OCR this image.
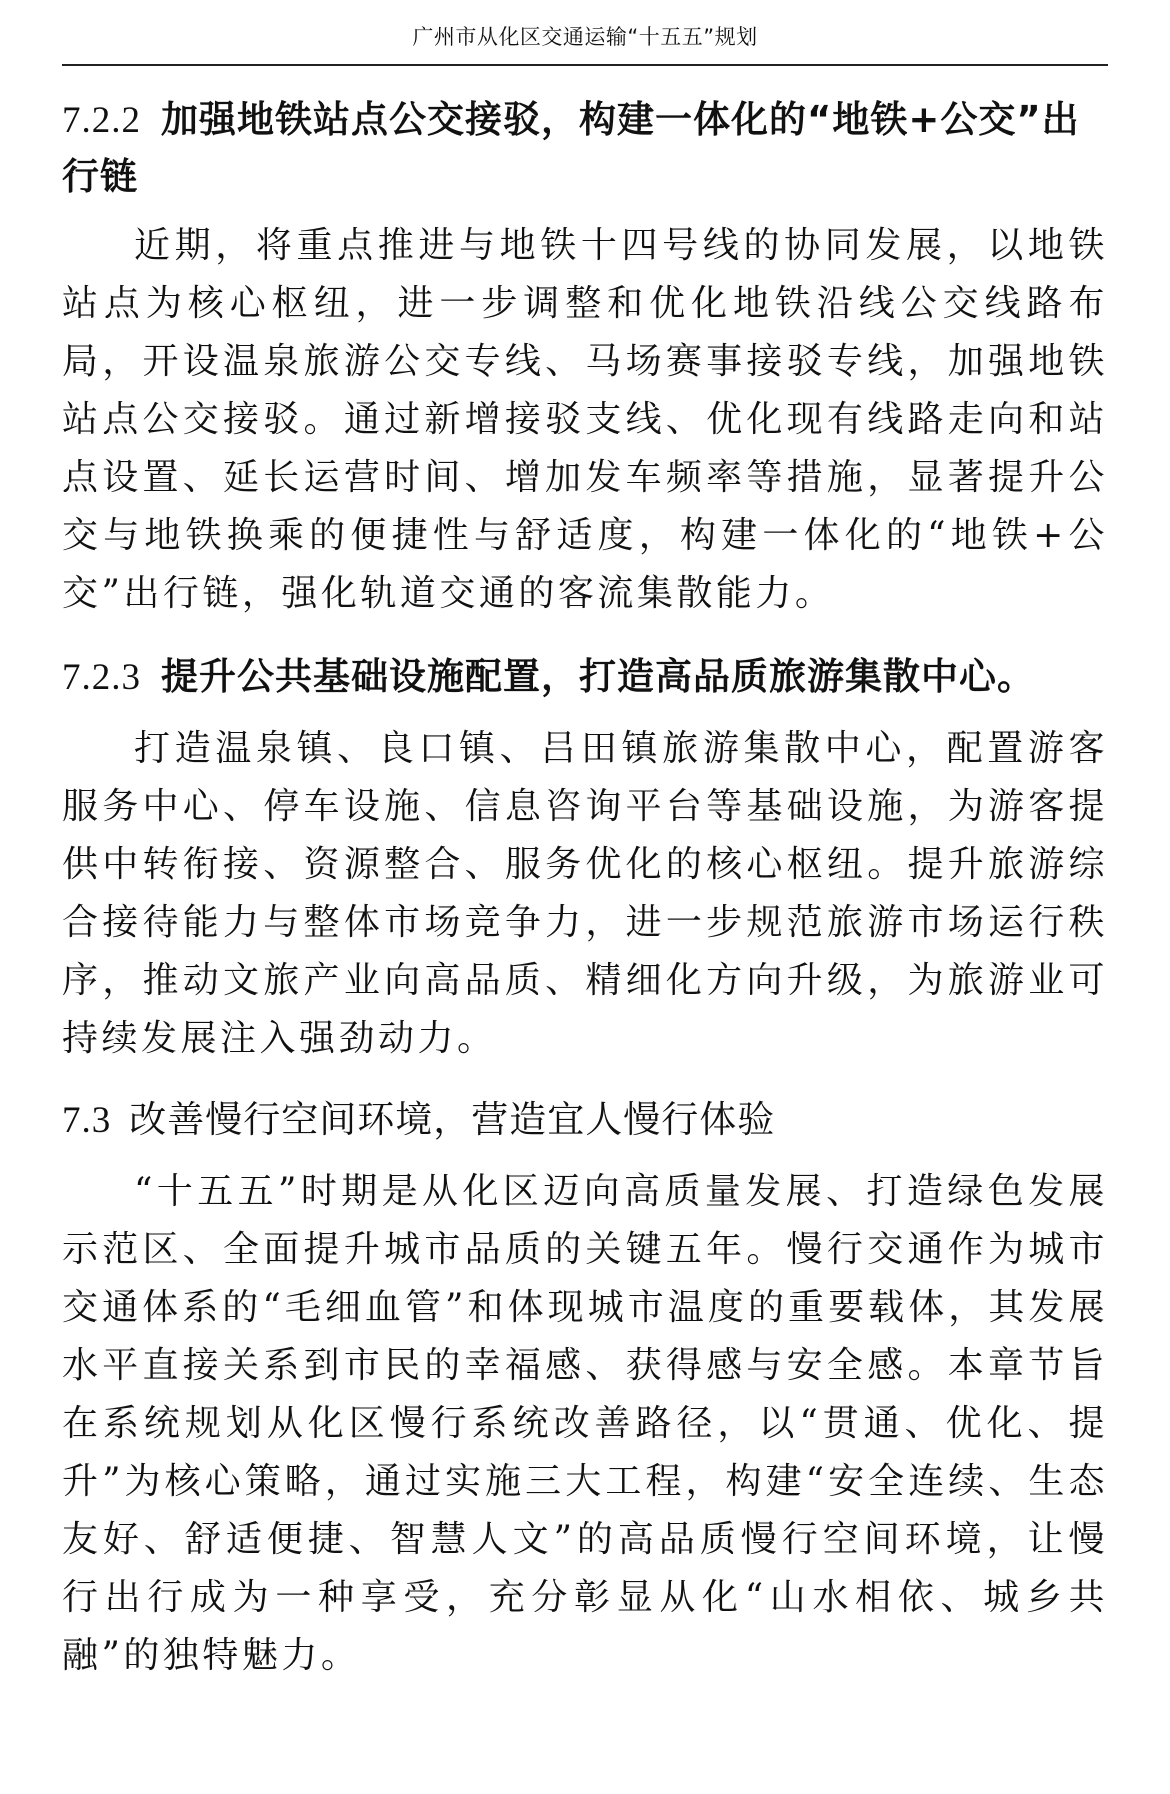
广州市从化区交通运输“十五五”规划
7.2.2 加强地铁站点公交接驳，构建一体化的“地铁+公交”出行链

近期，将重点推进与地铁十四号线的协同发展，以地铁站点为核心枢纽，进一步调整和优化地铁沿线公交线路布局，开设温泉旅游公交专线、马场赛事接驳专线，加强地铁站点公交接驳。通过新增接驳支线、优化现有线路走向和站点设置、延长运营时间、增加发车频率等措施，显著提升公交与地铁换乘的便捷性与舒适度，构建一体化的“地铁+公交”出行链，强化轨道交通的客流集散能力。

7.2.3 提升公共基础设施配置，打造高品质旅游集散中心。

打造温泉镇、良口镇、吕田镇旅游集散中心，配置游客服务中心、停车设施、信息咨询平台等基础设施，为游客提供中转衔接、资源整合、服务优化的核心枢纽。提升旅游综合接待能力与整体市场竞争力，进一步规范旅游市场运行秩序，推动文旅产业向高品质、精细化方向升级，为旅游业可持续发展注入强劲动力。

7.3 改善慢行空间环境，营造宜人慢行体验

“十五五”时期是从化区迈向高质量发展、打造绿色发展示范区、全面提升城市品质的关键五年。慢行交通作为城市交通体系的“毛细血管”和体现城市温度的重要载体，其发展水平直接关系到市民的幸福感、获得感与安全感。本章节旨在系统规划从化区慢行系统改善路径，以“贯通、优化、提升”为核心策略，通过实施三大工程，构建“安全连续、生态友好、舒适便捷、智慧人文”的高品质慢行空间环境，让慢行出行成为一种享受，充分彰显从化“山水相依、城乡共融”的独特魅力。
